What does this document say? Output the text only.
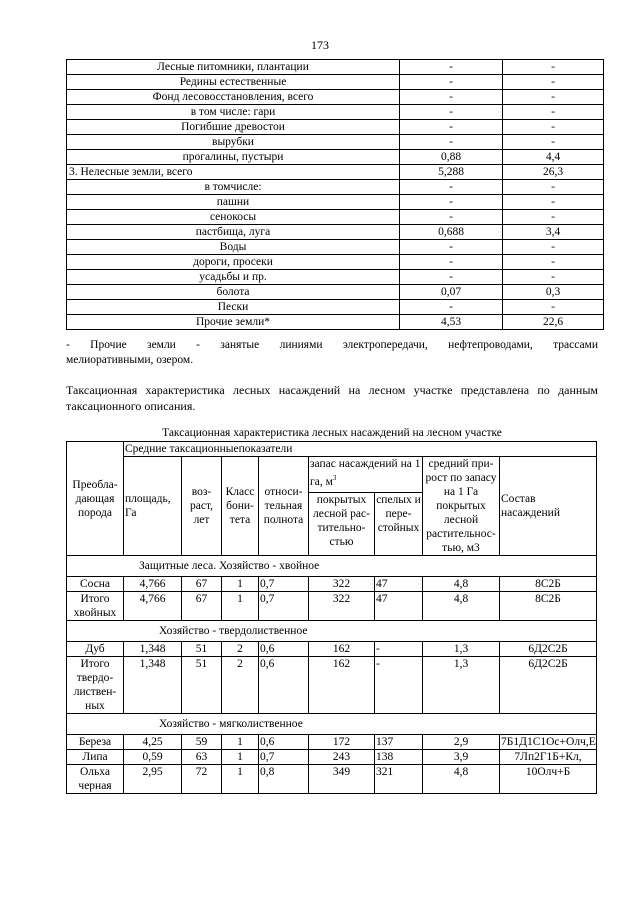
173
Лесные питомники, плантации	-	-
Редины естественные	-	-
Фонд лесовосстановления, всего	-	-
в том числе: гари	-	-
Погибшие древостои	-	-
вырубки	-	-
прогалины, пустыри	0,88	4,4
3. Нелесные земли, всего	5,288	26,3
в томчисле:	-	-
пашни	-	-
сенокосы	-	-
пастбища, луга	0,688	3,4
Воды	-	-
дороги, просеки	-	-
усадьбы и пр.	-	-
болота	0,07	0,3
Пески	-	-
Прочие земли*	4,53	22,6
- Прочие земли - занятые линиями электропередачи, нефтепроводами, трассами
мелиоративными, озером.
Таксационная характеристика лесных насаждений на лесном участке представлена по данным
таксационного описания.
Таксационная характеристика лесных насаждений на лесном участке
Преобла-дающая порода	Средние таксационныепоказатели							
	площадь, Га	воз-раст, лет	Класс бони-тета	относи-тельная полнота	запас насаждений на 1 га, $м^3$		средний при-рост по запасу на 1 Га покрытых лесной растительнос-тью, м3	Состав насаждений
					покрытых лесной рас-тительно-стью	спелых и пере-стойных		
Защитные леса. Хозяйство - хвойное								
Сосна	4,766	67	1	0,7	322	47	4,8	8С2Б
Итого хвойных	4,766	67	1	0,7	322	47	4,8	8С2Б
Хозяйство - твердолиственное								
Дуб	1,348	51	2	0,6	162	-	1,3	6Д2С2Б
Итого твердо-листвен-ных	1,348	51	2	0,6	162	-	1,3	6Д2С2Б
Хозяйство - мягколиственное								
Береза	4,25	59	1	0,6	172	137	2,9	7Б1Д1С1Ос+Олч,Е
Липа	0,59	63	1	0,7	243	138	3,9	7Лп2Г1Б+Кл,
Ольха черная	2,95	72	1	0,8	349	321	4,8	10Олч+Б
